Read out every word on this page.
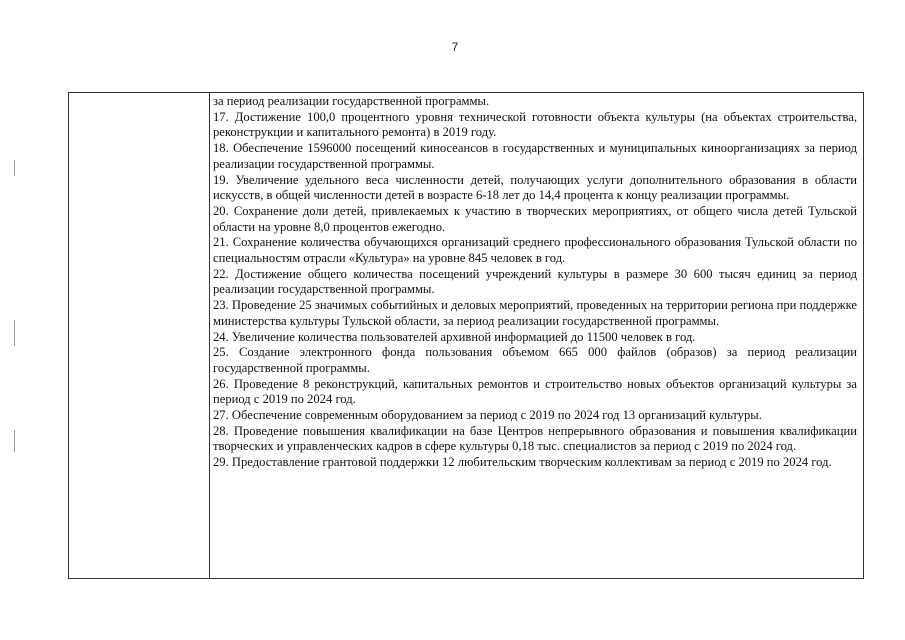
7

за период реализации государственной программы.

17. Достижение 100,0 процентного уровня технической готовности объекта культуры (на объектах строительства, реконструкции и капитального ремонта) в 2019 году.

18. Обеспечение 1596000 посещений киносеансов в государственных и муниципальных киноорганизациях за период реализации государственной программы.

19. Увеличение удельного веса численности детей, получающих услуги дополнительного образования в области искусств, в общей численности детей в возрасте 6-18 лет до 14,4 процента к концу реализации программы.

20. Сохранение доли детей, привлекаемых к участию в творческих мероприятиях, от общего числа детей Тульской области на уровне 8,0 процентов ежегодно.

21. Сохранение количества обучающихся организаций среднего профессионального образования Тульской области по специальностям отрасли «Культура» на уровне 845 человек в год.

22. Достижение общего количества посещений учреждений культуры в размере 30 600 тысяч единиц за период реализации государственной программы.

23. Проведение 25 значимых событийных и деловых мероприятий, проведенных на территории региона при поддержке министерства культуры Тульской области, за период реализации государственной программы.

24. Увеличение количества пользователей архивной информацией до 11500 человек в год.

25. Создание электронного фонда пользования объемом 665 000 файлов (образов) за период реализации государственной программы.

26. Проведение 8 реконструкций, капитальных ремонтов и строительство новых объектов организаций культуры за период с 2019 по 2024 год.

27. Обеспечение современным оборудованием за период с 2019 по 2024 год 13 организаций культуры.

28. Проведение повышения квалификации на базе Центров непрерывного образования и повышения квалификации творческих и управленческих кадров в сфере культуры 0,18 тыс. специалистов за период с 2019 по 2024 год.

29. Предоставление грантовой поддержки 12 любительским творческим коллективам за период с 2019 по 2024 год.
